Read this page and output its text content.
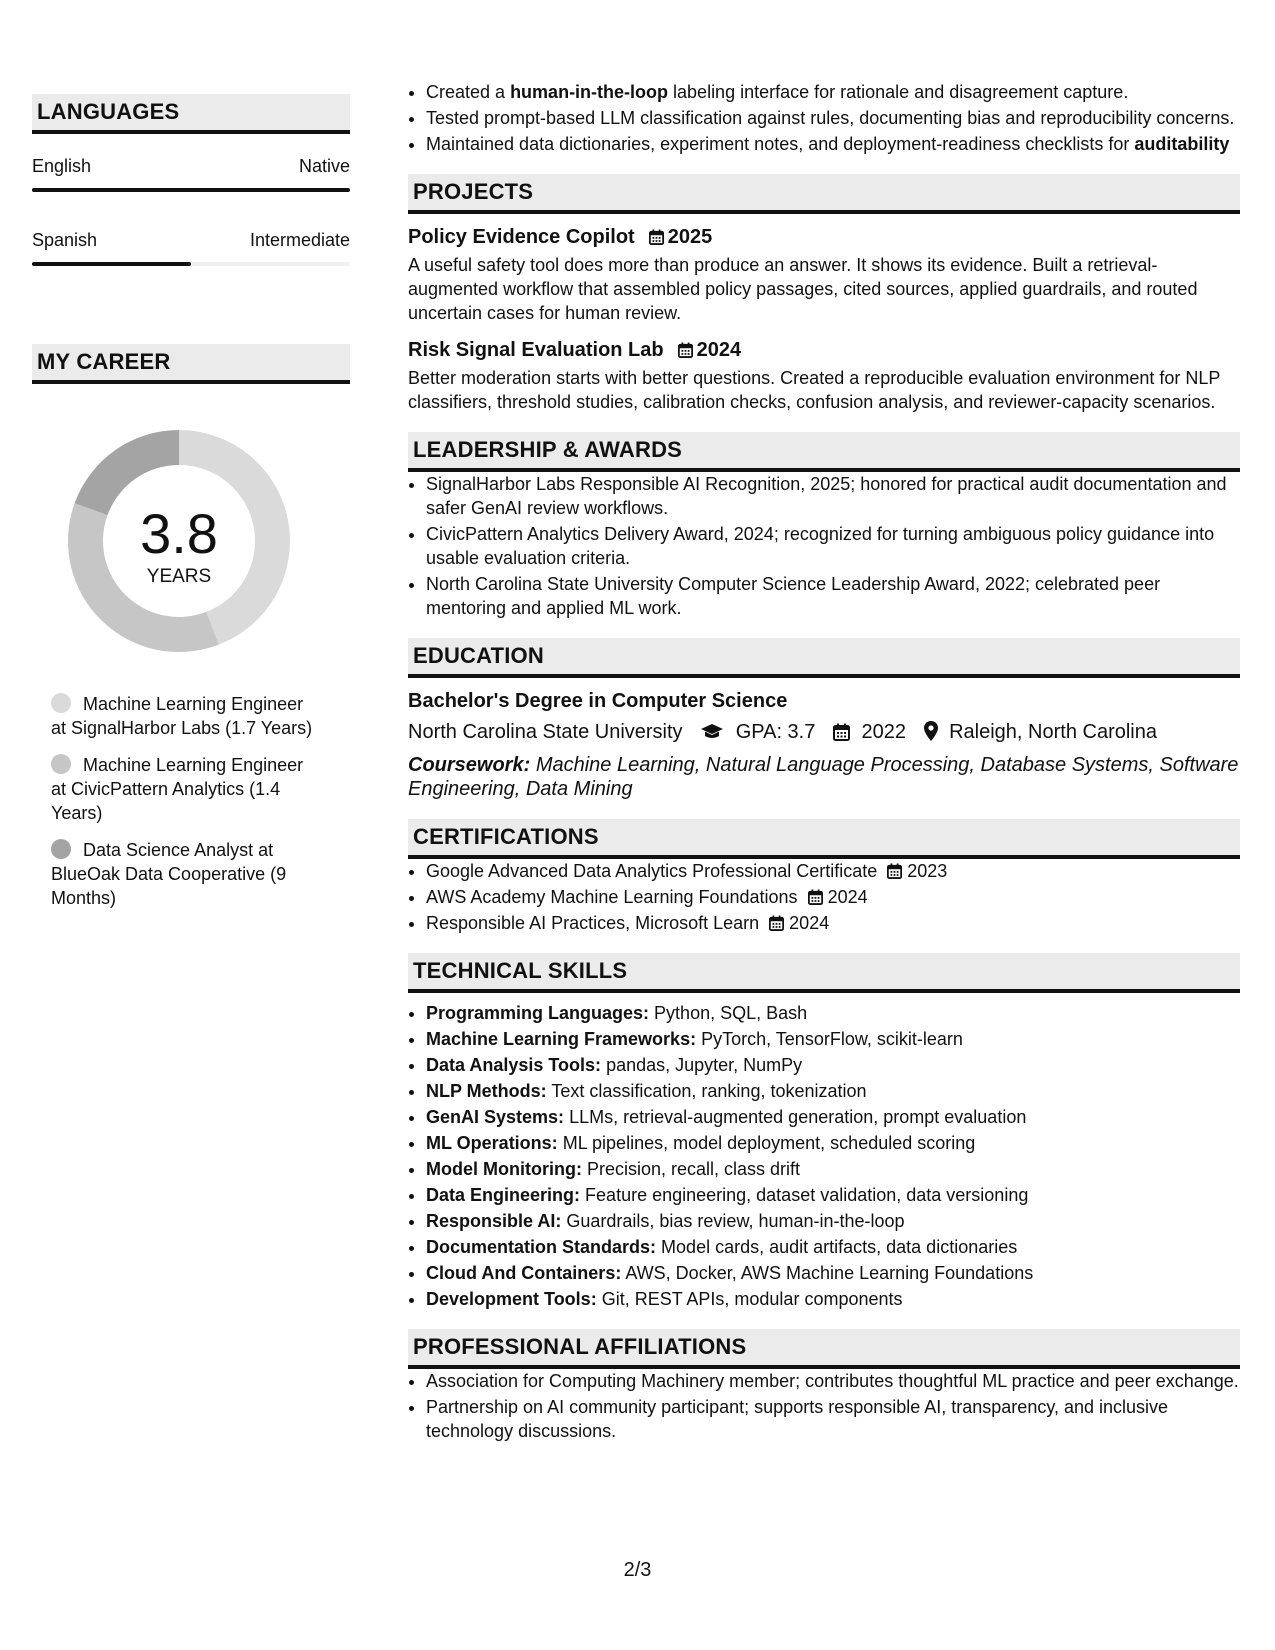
LANGUAGES
English	Native
Spanish	Intermediate
MY CAREER
3.8
YEARS
Machine Learning Engineer at SignalHarbor Labs (1.7 Years)
Machine Learning Engineer at CivicPattern Analytics (1.4 Years)
Data Science Analyst at BlueOak Data Cooperative (9 Months)
• Created a human-in-the-loop labeling interface for rationale and disagreement capture.
• Tested prompt-based LLM classification against rules, documenting bias and reproducibility concerns.
• Maintained data dictionaries, experiment notes, and deployment-readiness checklists for auditability
PROJECTS
Policy Evidence Copilot 2025
A useful safety tool does more than produce an answer. It shows its evidence. Built a retrieval-augmented workflow that assembled policy passages, cited sources, applied guardrails, and routed uncertain cases for human review.
Risk Signal Evaluation Lab 2024
Better moderation starts with better questions. Created a reproducible evaluation environment for NLP classifiers, threshold studies, calibration checks, confusion analysis, and reviewer-capacity scenarios.
LEADERSHIP & AWARDS
• SignalHarbor Labs Responsible AI Recognition, 2025; honored for practical audit documentation and safer GenAI review workflows.
• CivicPattern Analytics Delivery Award, 2024; recognized for turning ambiguous policy guidance into usable evaluation criteria.
• North Carolina State University Computer Science Leadership Award, 2022; celebrated peer mentoring and applied ML work.
EDUCATION
Bachelor's Degree in Computer Science
North Carolina State University	GPA: 3.7 2022 Raleigh, North Carolina
Coursework: Machine Learning, Natural Language Processing, Database Systems, Software Engineering, Data Mining
CERTIFICATIONS
• Google Advanced Data Analytics Professional Certificate 2023
• AWS Academy Machine Learning Foundations 2024
• Responsible AI Practices, Microsoft Learn 2024
TECHNICAL SKILLS
• Programming Languages: Python, SQL, Bash
• Machine Learning Frameworks: PyTorch, TensorFlow, scikit-learn
• Data Analysis Tools: pandas, Jupyter, NumPy
• NLP Methods: Text classification, ranking, tokenization
• GenAI Systems: LLMs, retrieval-augmented generation, prompt evaluation
• ML Operations: ML pipelines, model deployment, scheduled scoring
• Model Monitoring: Precision, recall, class drift
• Data Engineering: Feature engineering, dataset validation, data versioning
• Responsible AI: Guardrails, bias review, human-in-the-loop
• Documentation Standards: Model cards, audit artifacts, data dictionaries
• Cloud And Containers: AWS, Docker, AWS Machine Learning Foundations
• Development Tools: Git, REST APIs, modular components
PROFESSIONAL AFFILIATIONS
• Association for Computing Machinery member; contributes thoughtful ML practice and peer exchange.
• Partnership on AI community participant; supports responsible AI, transparency, and inclusive technology discussions.
2/3
